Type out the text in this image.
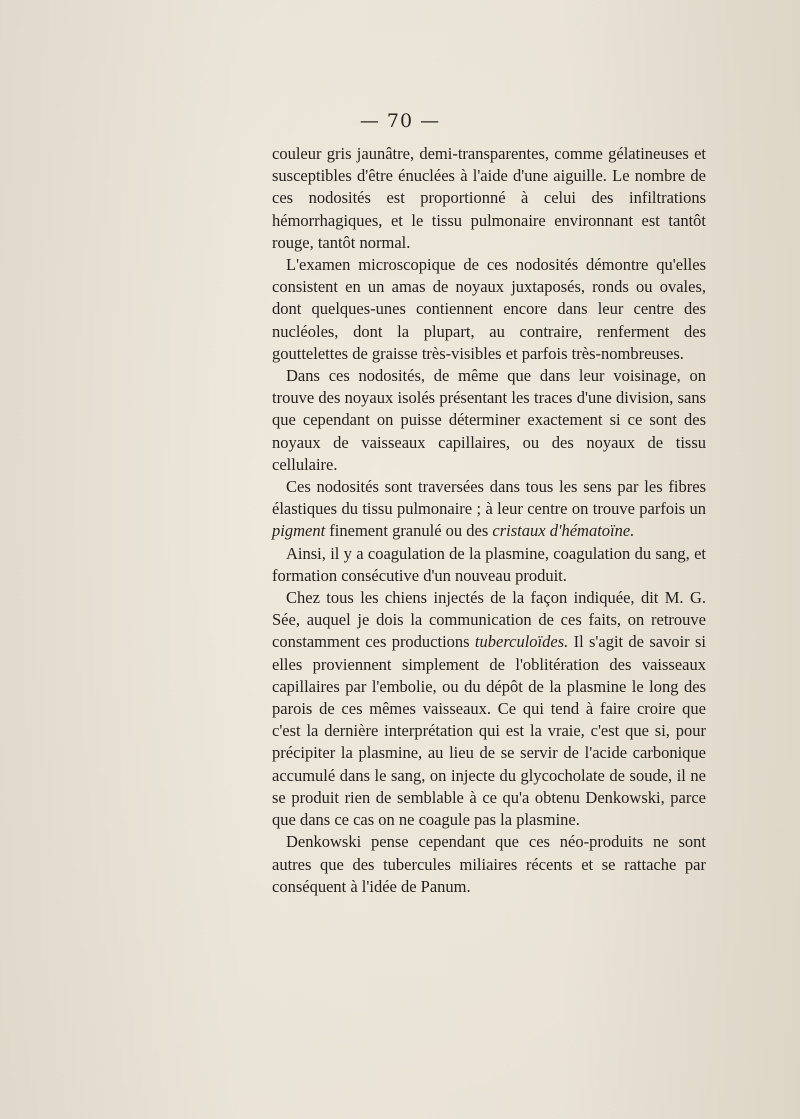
— 70 —

couleur gris jaunâtre, demi-transparentes, comme gélatineuses et susceptibles d'être énuclées à l'aide d'une aiguille. Le nombre de ces nodosités est proportionné à celui des infiltrations hémorrhagiques, et le tissu pulmonaire environnant est tantôt rouge, tantôt normal.

L'examen microscopique de ces nodosités démontre qu'elles consistent en un amas de noyaux juxtaposés, ronds ou ovales, dont quelques-unes contiennent encore dans leur centre des nucléoles, dont la plupart, au contraire, renferment des gouttelettes de graisse très-visibles et parfois très-nombreuses.

Dans ces nodosités, de même que dans leur voisinage, on trouve des noyaux isolés présentant les traces d'une division, sans que cependant on puisse déterminer exactement si ce sont des noyaux de vaisseaux capillaires, ou des noyaux de tissu cellulaire.

Ces nodosités sont traversées dans tous les sens par les fibres élastiques du tissu pulmonaire ; à leur centre on trouve parfois un pigment finement granulé ou des cristaux d'hématoïne.

Ainsi, il y a coagulation de la plasmine, coagulation du sang, et formation consécutive d'un nouveau produit.

Chez tous les chiens injectés de la façon indiquée, dit M. G. Sée, auquel je dois la communication de ces faits, on retrouve constamment ces productions tuberculoïdes. Il s'agit de savoir si elles proviennent simplement de l'oblitération des vaisseaux capillaires par l'embolie, ou du dépôt de la plasmine le long des parois de ces mêmes vaisseaux. Ce qui tend à faire croire que c'est la dernière interprétation qui est la vraie, c'est que si, pour précipiter la plasmine, au lieu de se servir de l'acide carbonique accumulé dans le sang, on injecte du glycocholate de soude, il ne se produit rien de semblable à ce qu'a obtenu Denkowski, parce que dans ce cas on ne coagule pas la plasmine.

Denkowski pense cependant que ces néo-produits ne sont autres que des tubercules miliaires récents et se rattache par conséquent à l'idée de Panum.
